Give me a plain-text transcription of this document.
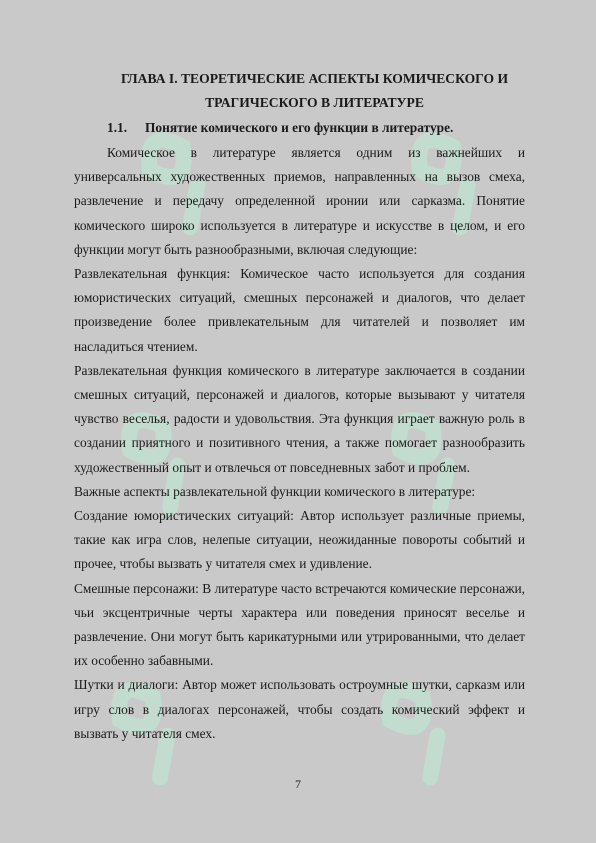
ГЛАВА I. ТЕОРЕТИЧЕСКИЕ АСПЕКТЫ КОМИЧЕСКОГО И
ТРАГИЧЕСКОГО В ЛИТЕРАТУРЕ
1.1. Понятие комического и его функции в литературе.

Комическое в литературе является одним из важнейших и универсальных художественных приемов, направленных на вызов смеха, развлечение и передачу определенной иронии или сарказма. Понятие комического широко используется в литературе и искусстве в целом, и его функции могут быть разнообразными, включая следующие:

Развлекательная функция: Комическое часто используется для создания юмористических ситуаций, смешных персонажей и диалогов, что делает произведение более привлекательным для читателей и позволяет им насладиться чтением.

Развлекательная функция комического в литературе заключается в создании смешных ситуаций, персонажей и диалогов, которые вызывают у читателя чувство веселья, радости и удовольствия. Эта функция играет важную роль в создании приятного и позитивного чтения, а также помогает разнообразить художественный опыт и отвлечься от повседневных забот и проблем.

Важные аспекты развлекательной функции комического в литературе:

Создание юмористических ситуаций: Автор использует различные приемы, такие как игра слов, нелепые ситуации, неожиданные повороты событий и прочее, чтобы вызвать у читателя смех и удивление.

Смешные персонажи: В литературе часто встречаются комические персонажи, чьи эксцентричные черты характера или поведения приносят веселье и развлечение. Они могут быть карикатурными или утрированными, что делает их особенно забавными.

Шутки и диалоги: Автор может использовать остроумные шутки, сарказм или игру слов в диалогах персонажей, чтобы создать комический эффект и вызвать у читателя смех.

7
